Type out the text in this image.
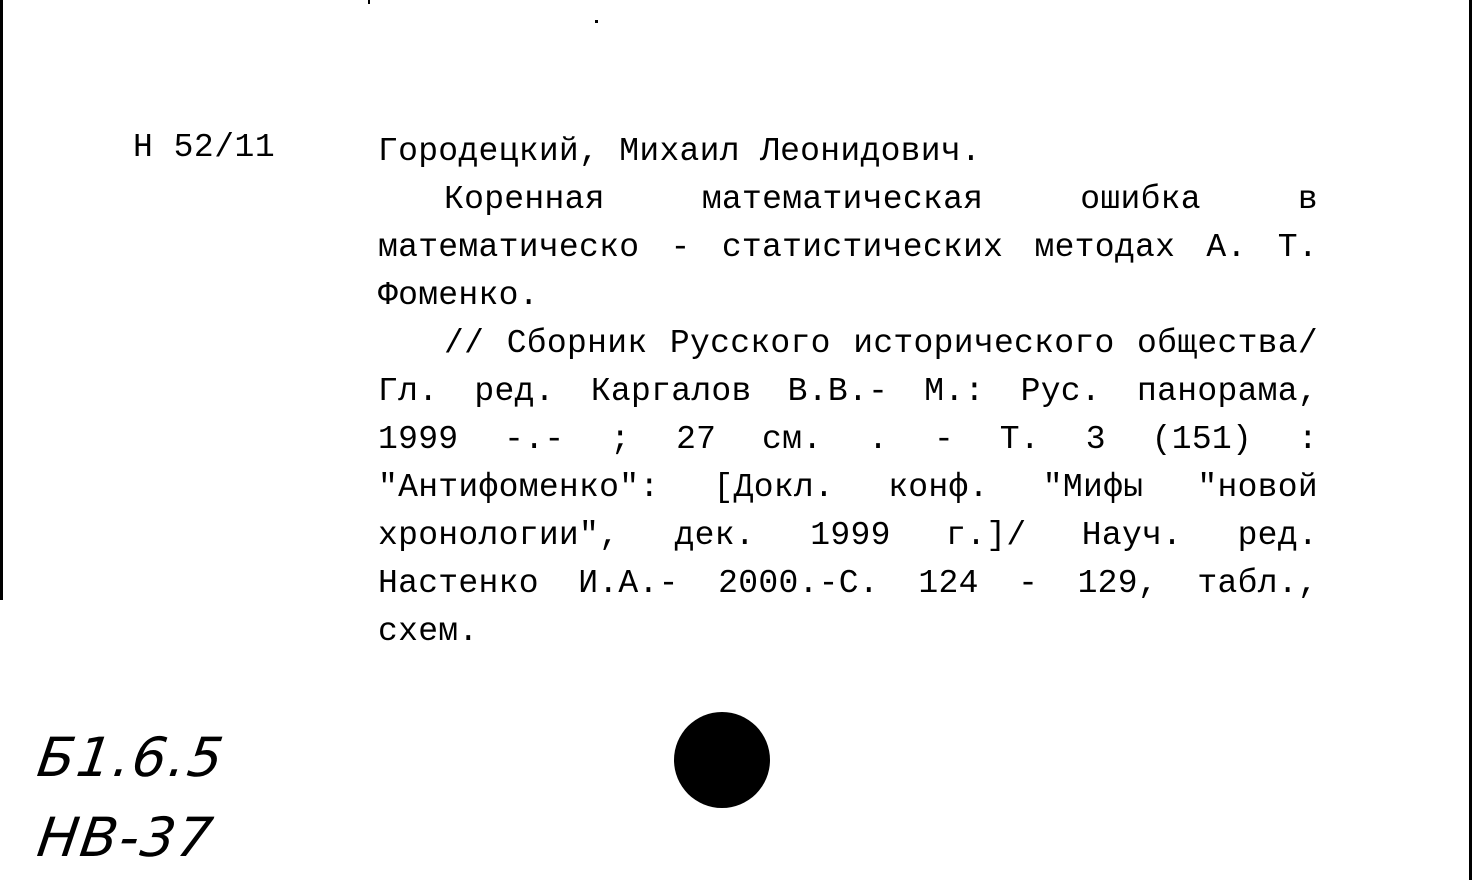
Н 52/11	Городецкий, Михаил Леонидович.

Коренная математическая ошибка в математическо - статистических методах А. Т. Фоменко.

// Сборник Русского исторического общества/ Гл. ред. Каргалов В.В.- М.: Рус. панорама, 1999 -.- ; 27 см. . - Т. 3 (151) : "Антифоменко": [Докл. конф. "Мифы "новой хронологии", дек. 1999 г.]/ Науч. ред. Настенко И.А.- 2000.-С. 124 - 129, табл., схем.

Б1.6.5
НВ-37
